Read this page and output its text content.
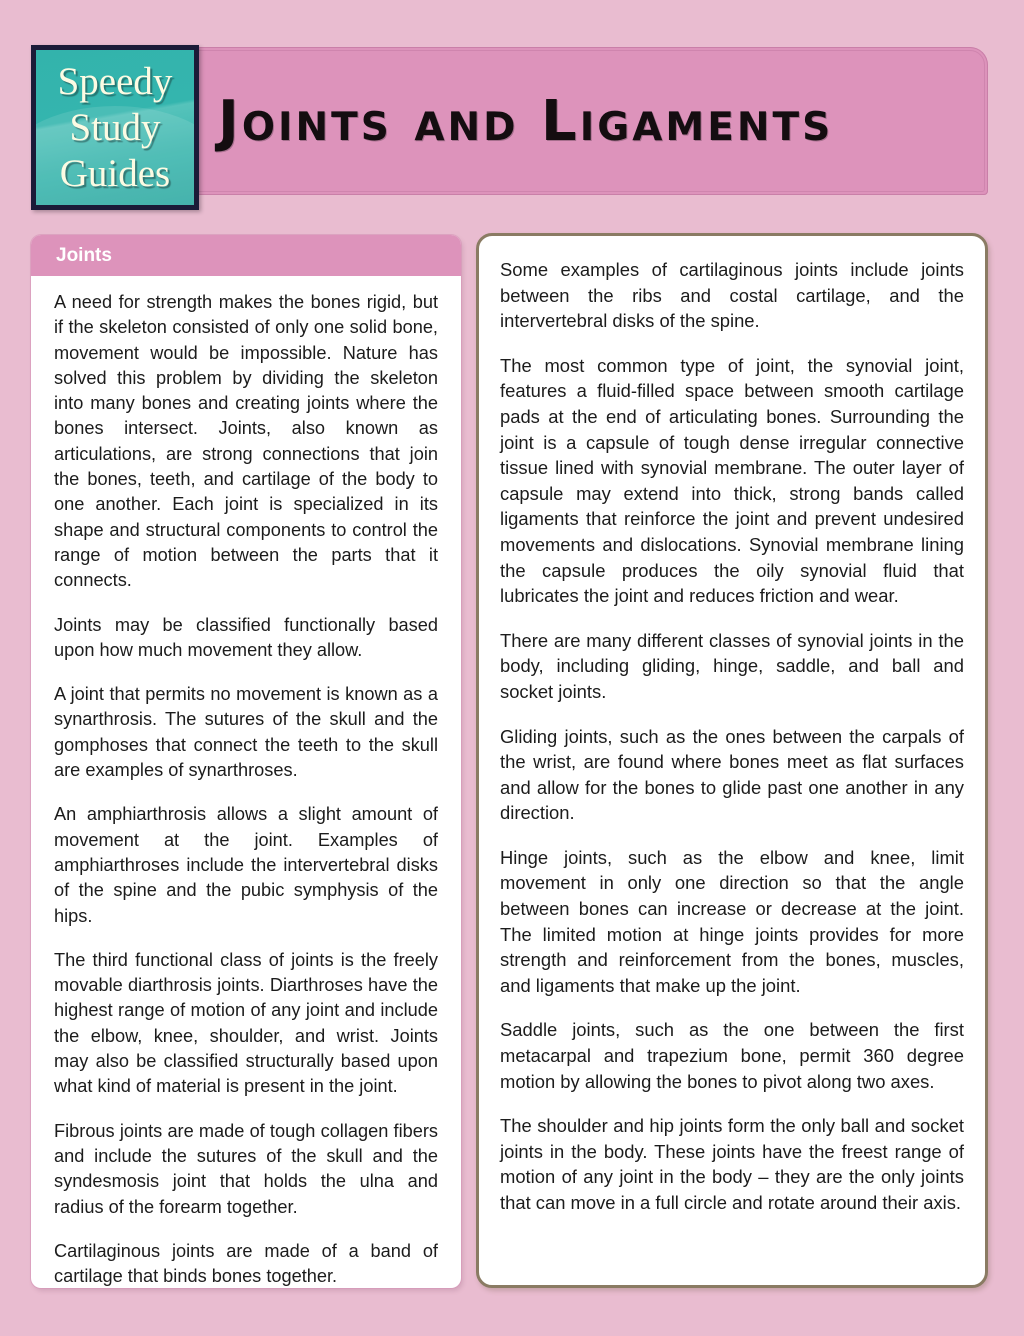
Joints and Ligaments
Speedy
Study
Guides
Joints

A need for strength makes the bones rigid, but if the skeleton consisted of only one solid bone, movement would be impossible. Nature has solved this problem by dividing the skeleton into many bones and creating joints where the bones intersect. Joints, also known as articulations, are strong connections that join the bones, teeth, and cartilage of the body to one another. Each joint is specialized in its shape and structural components to control the range of motion between the parts that it connects.

Joints may be classified functionally based upon how much movement they allow.

A joint that permits no movement is known as a synarthrosis. The sutures of the skull and the gomphoses that connect the teeth to the skull are examples of synarthroses.

An amphiarthrosis allows a slight amount of movement at the joint. Examples of amphiarthroses include the intervertebral disks of the spine and the pubic symphysis of the hips.

The third functional class of joints is the freely movable diarthrosis joints. Diarthroses have the highest range of motion of any joint and include the elbow, knee, shoulder, and wrist. Joints may also be classified structurally based upon what kind of material is present in the joint.

Fibrous joints are made of tough collagen fibers and include the sutures of the skull and the syndesmosis joint that holds the ulna and radius of the forearm together.

Cartilaginous joints are made of a band of cartilage that binds bones together.

Some examples of cartilaginous joints include joints between the ribs and costal cartilage, and the intervertebral disks of the spine.

The most common type of joint, the synovial joint, features a fluid-filled space between smooth cartilage pads at the end of articulating bones. Surrounding the joint is a capsule of tough dense irregular connective tissue lined with synovial membrane. The outer layer of capsule may extend into thick, strong bands called ligaments that reinforce the joint and prevent undesired movements and dislocations. Synovial membrane lining the capsule produces the oily synovial fluid that lubricates the joint and reduces friction and wear.

There are many different classes of synovial joints in the body, including gliding, hinge, saddle, and ball and socket joints.

Gliding joints, such as the ones between the carpals of the wrist, are found where bones meet as flat surfaces and allow for the bones to glide past one another in any direction.

Hinge joints, such as the elbow and knee, limit movement in only one direction so that the angle between bones can increase or decrease at the joint. The limited motion at hinge joints provides for more strength and reinforcement from the bones, muscles, and ligaments that make up the joint.

Saddle joints, such as the one between the first metacarpal and trapezium bone, permit 360 degree motion by allowing the bones to pivot along two axes.

The shoulder and hip joints form the only ball and socket joints in the body. These joints have the freest range of motion of any joint in the body – they are the only joints that can move in a full circle and rotate around their axis.
